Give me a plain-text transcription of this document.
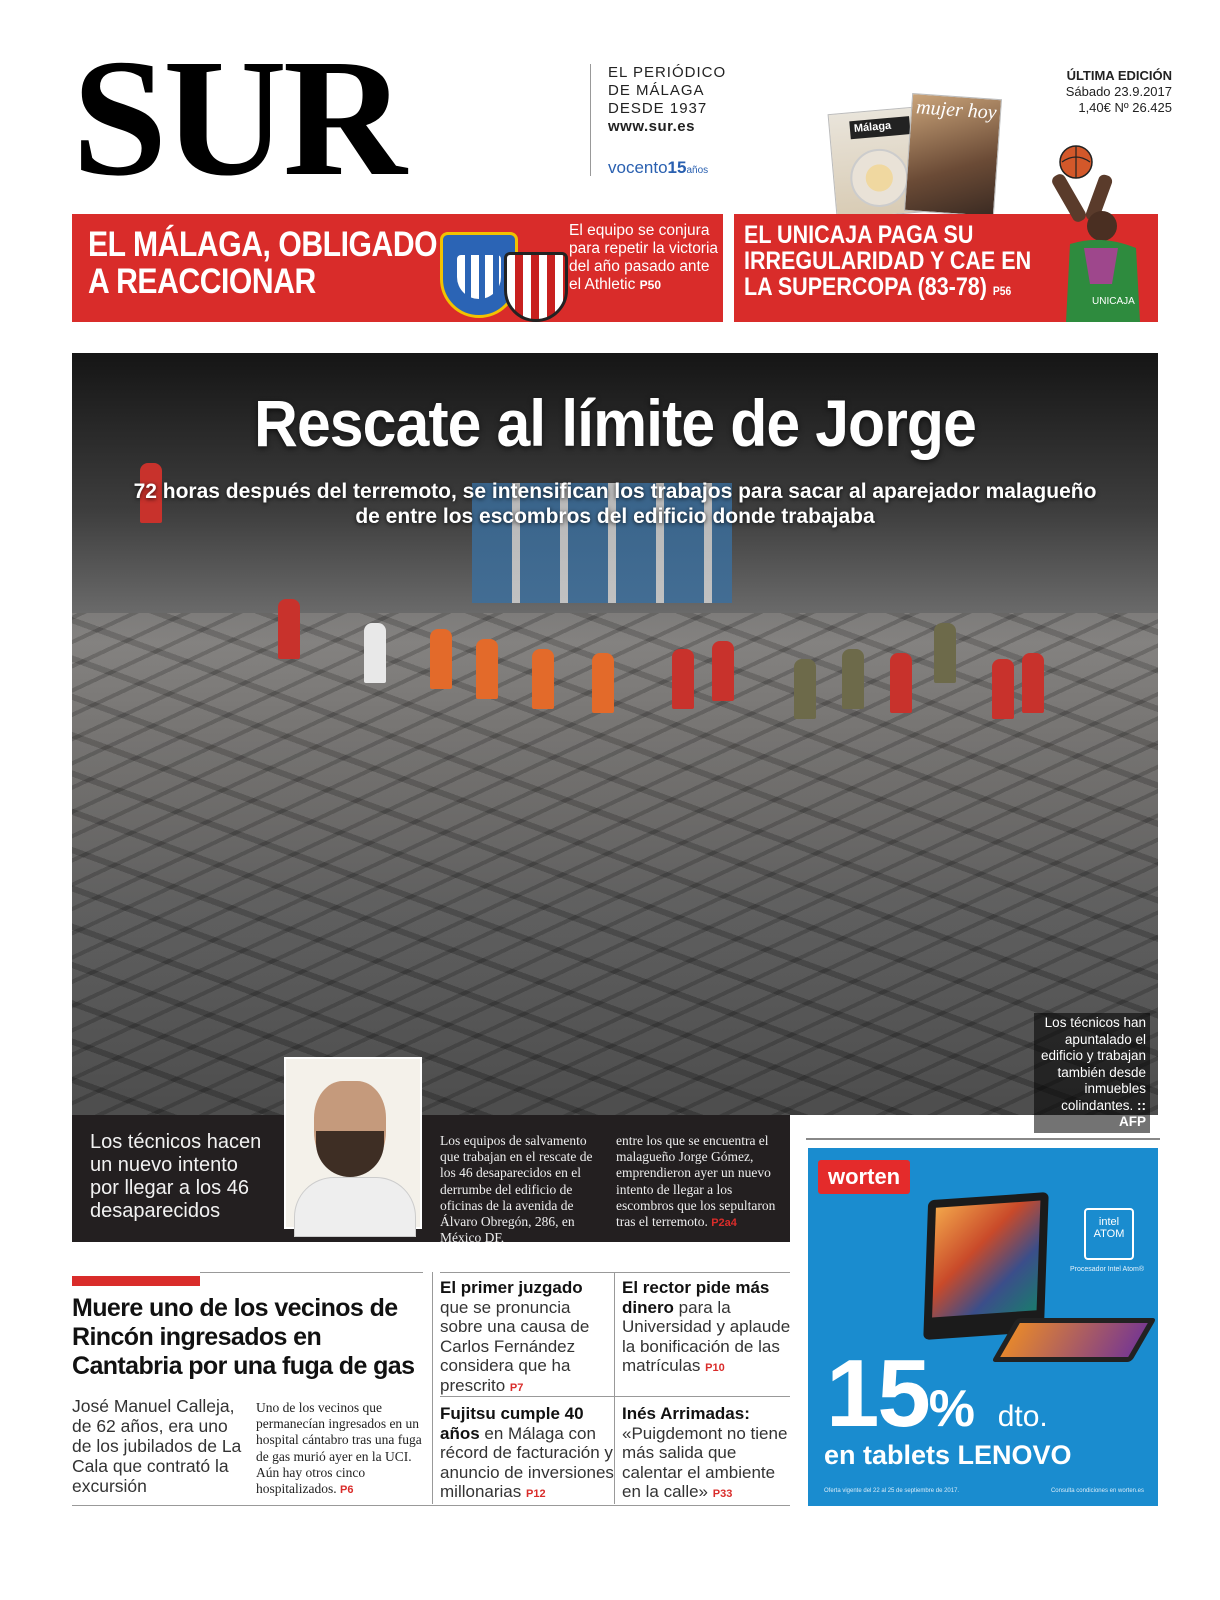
SUR	EL PERIÓDICO
DE MÁLAGA
DESDE 1937
www.sur.es
vocento15años
ÚLTIMA EDICIÓN
Sábado 23.9.2017
1,40€ Nº 26.425
Málaga
mujer hoy
EL MÁLAGA, OBLIGADO
A REACCIONAR
El equipo se conjura para repetir la victoria del año pasado ante el Athletic P50
EL UNICAJA PAGA SU
IRREGULARIDAD Y CAE EN
LA SUPERCOPA (83-78) P56
UNICAJA
Rescate al límite de Jorge
72 horas después del terremoto, se intensifican los trabajos para sacar al aparejador malagueño de entre los escombros del edificio donde trabajaba
Los técnicos han apuntalado el edificio y trabajan también desde inmuebles colindantes. :: AFP
Los técnicos hacen un nuevo intento por llegar a los 46 desaparecidos
Los equipos de salvamento que trabajan en el rescate de los 46 desaparecidos en el derrumbe del edificio de oficinas de la avenida de Álvaro Obregón, 286, en México DF,
entre los que se encuentra el malagueño Jorge Gómez, emprendieron ayer un nuevo intento de llegar a los escombros que los sepultaron tras el terremoto. P2a4
Muere uno de los vecinos de Rincón ingresados en Cantabria por una fuga de gas
José Manuel Calleja, de 62 años, era uno de los jubilados de La Cala que contrató la excursión
Uno de los vecinos que permanecían ingresados en un hospital cántabro tras una fuga de gas murió ayer en la UCI. Aún hay otros cinco hospitalizados. P6
El primer juzgado que se pronuncia sobre una causa de Carlos Fernández considera que ha prescrito P7
El rector pide más dinero para la Universidad y aplaude la bonificación de las matrículas P10
Fujitsu cumple 40 años en Málaga con récord de facturación y anuncio de inversiones millonarias P12
Inés Arrimadas: «Puigdemont no tiene más salida que calentar el ambiente en la calle» P33
worten
intel
ATOM
Procesador Intel Atom®
15% dto.
en tablets LENOVO
Oferta vigente del 22 al 25 de septiembre de 2017.	Consulta condiciones en worten.es
